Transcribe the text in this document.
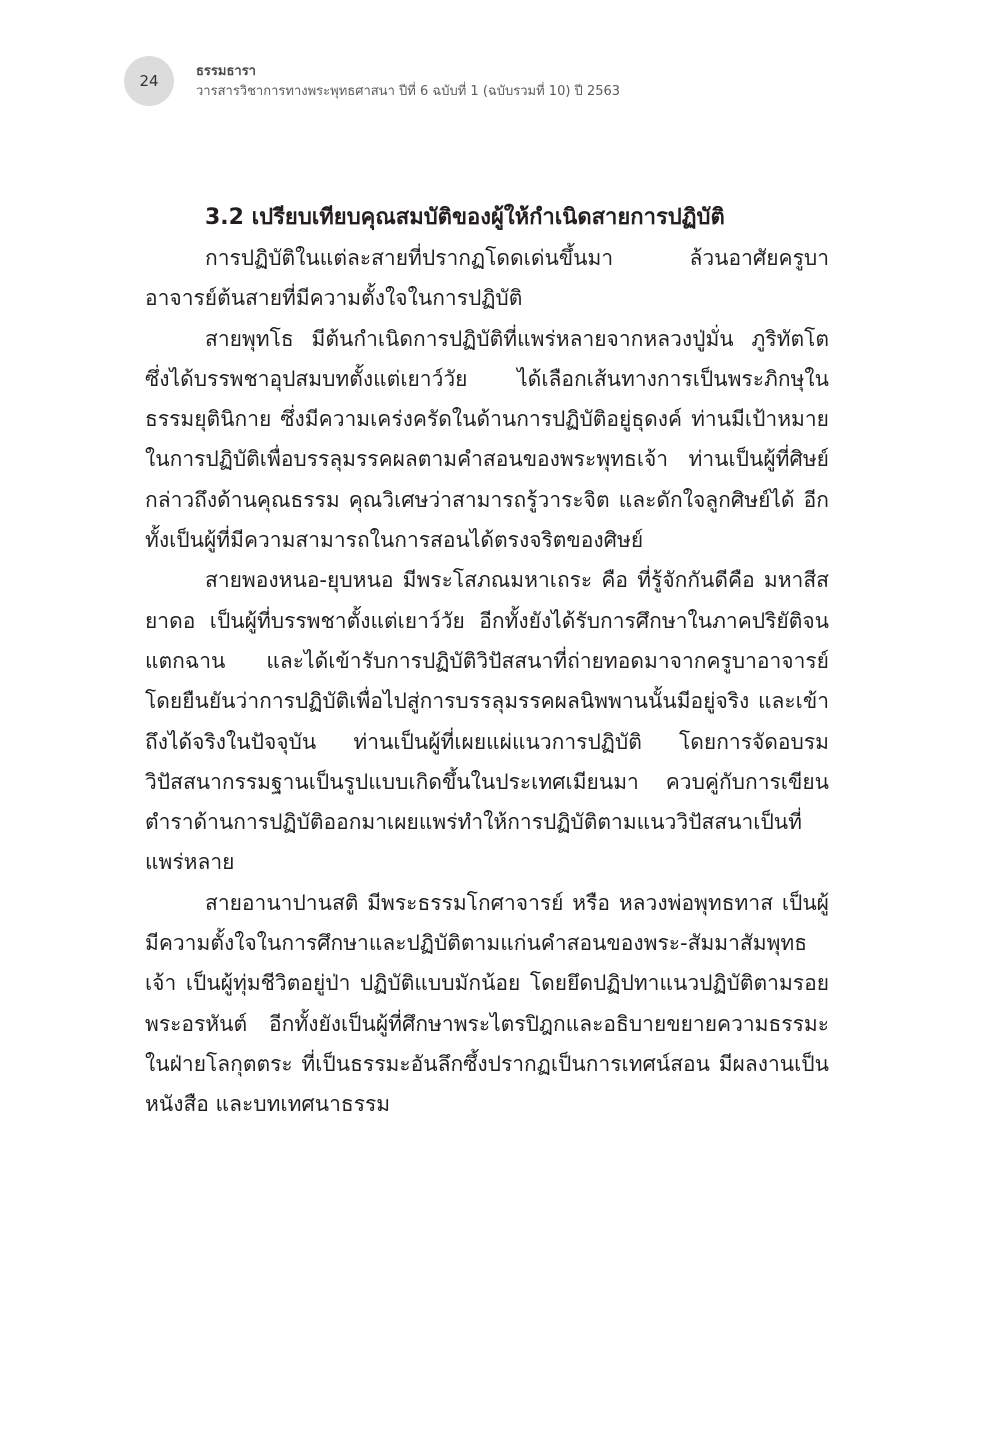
24
ธรรมธารา
วารสารวิชาการทางพระพุทธศาสนา ปีที่ 6 ฉบับที่ 1 (ฉบับรวมที่ 10) ปี 2563
3.2 เปรียบเทียบคุณสมบัติของผู้ให้กำเนิดสายการปฏิบัติ

การปฏิบัติในแต่ละสายที่ปรากฏโดดเด่นขึ้นมา ล้วนอาศัยครูบาอาจารย์ต้นสายที่มีความตั้งใจในการปฏิบัติ

สายพุทโธ มีต้นกำเนิดการปฏิบัติที่แพร่หลายจากหลวงปู่มั่น ภูริทัตโต ซึ่งได้บรรพชาอุปสมบทตั้งแต่เยาว์วัย ได้เลือกเส้นทางการเป็นพระภิกษุในธรรมยุตินิกาย ซึ่งมีความเคร่งครัดในด้านการปฏิบัติอยู่ธุดงค์ ท่านมีเป้าหมายในการปฏิบัติเพื่อบรรลุมรรคผลตามคำสอนของพระพุทธเจ้า ท่านเป็นผู้ที่ศิษย์กล่าวถึงด้านคุณธรรม คุณวิเศษว่าสามารถรู้วาระจิต และดักใจลูกศิษย์ได้ อีกทั้งเป็นผู้ที่มีความสามารถในการสอนได้ตรงจริตของศิษย์

สายพองหนอ-ยุบหนอ มีพระโสภณมหาเถระ คือ ที่รู้จักกันดีคือ มหาสีสยาดอ เป็นผู้ที่บรรพชาตั้งแต่เยาว์วัย อีกทั้งยังได้รับการศึกษาในภาคปริยัติจนแตกฉาน และได้เข้ารับการปฏิบัติวิปัสสนาที่ถ่ายทอดมาจากครูบาอาจารย์ โดยยืนยันว่าการปฏิบัติเพื่อไปสู่การบรรลุมรรคผลนิพพานนั้นมีอยู่จริง และเข้าถึงได้จริงในปัจจุบัน ท่านเป็นผู้ที่เผยแผ่แนวการปฏิบัติ โดยการจัดอบรมวิปัสสนากรรมฐานเป็นรูปแบบเกิดขึ้นในประเทศเมียนมา ควบคู่กับการเขียนตำราด้านการปฏิบัติออกมาเผยแพร่ทำให้การปฏิบัติตามแนววิปัสสนาเป็นที่แพร่หลาย

สายอานาปานสติ มีพระธรรมโกศาจารย์ หรือ หลวงพ่อพุทธทาส เป็นผู้มีความตั้งใจในการศึกษาและปฏิบัติตามแก่นคำสอนของพระ-สัมมาสัมพุทธเจ้า เป็นผู้ทุ่มชีวิตอยู่ป่า ปฏิบัติแบบมักน้อย โดยยึดปฏิปทาแนวปฏิบัติตามรอยพระอรหันต์ อีกทั้งยังเป็นผู้ที่ศึกษาพระไตรปิฎกและอธิบายขยายความธรรมะในฝ่ายโลกุตตระ ที่เป็นธรรมะอันลึกซึ้งปรากฏเป็นการเทศน์สอน มีผลงานเป็นหนังสือ และบทเทศนาธรรม
